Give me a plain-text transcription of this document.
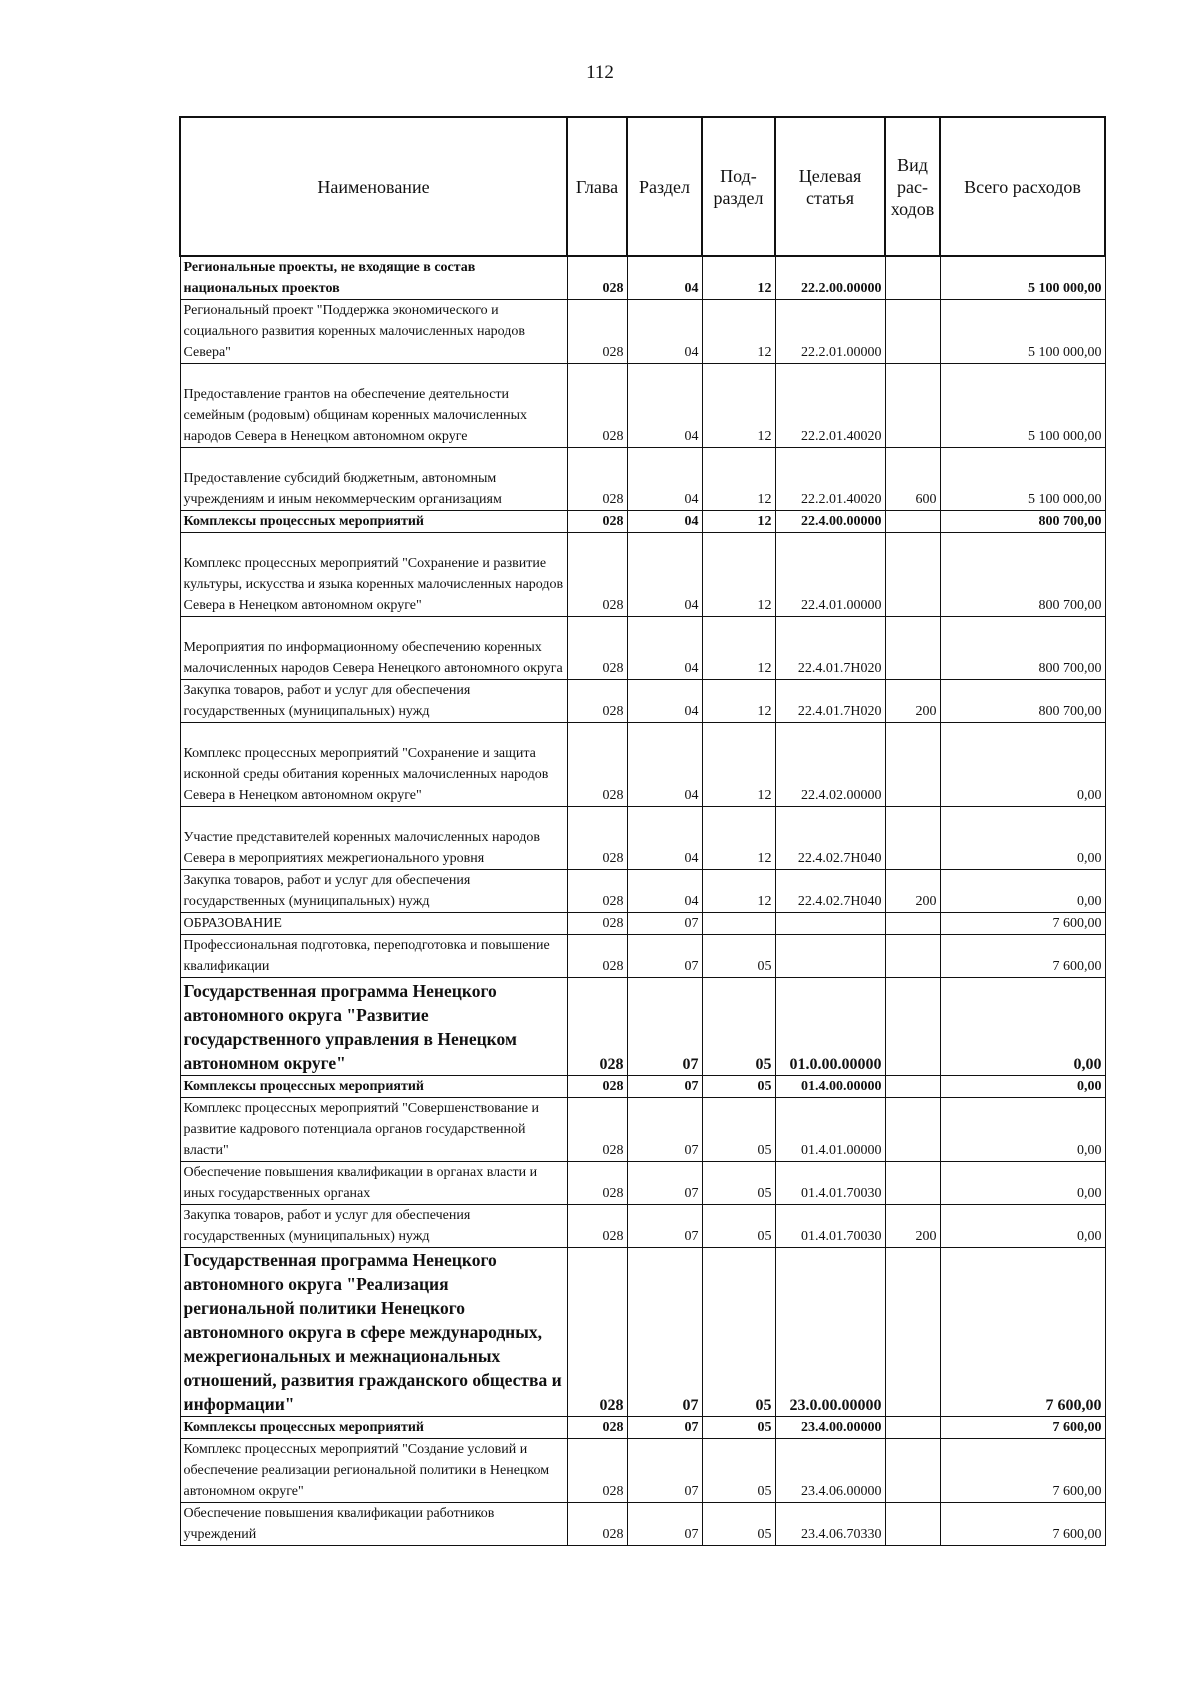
112
Наименование	Глава	Раздел	Под-раздел	Целевая статья	Вид рас-ходов	Всего расходов
Региональные проекты, не входящие в состав национальных проектов	028	04	12	22.2.00.00000		5 100 000,00
Региональный проект "Поддержка экономического и социального развития коренных малочисленных народов Севера"	028	04	12	22.2.01.00000		5 100 000,00
Предоставление грантов на обеспечение деятельности семейным (родовым) общинам коренных малочисленных народов Севера в Ненецком автономном округе	028	04	12	22.2.01.40020		5 100 000,00
Предоставление субсидий бюджетным, автономным учреждениям и иным некоммерческим организациям	028	04	12	22.2.01.40020	600	5 100 000,00
Комплексы процессных мероприятий	028	04	12	22.4.00.00000		800 700,00
Комплекс процессных мероприятий "Сохранение и развитие культуры, искусства и языка коренных малочисленных народов Севера в Ненецком автономном округе"	028	04	12	22.4.01.00000		800 700,00
Мероприятия по информационному обеспечению коренных малочисленных народов Севера Ненецкого автономного округа	028	04	12	22.4.01.7Н020		800 700,00
Закупка товаров, работ и услуг для обеспечения государственных (муниципальных) нужд	028	04	12	22.4.01.7Н020	200	800 700,00
Комплекс процессных мероприятий "Сохранение и защита исконной среды обитания коренных малочисленных народов Севера в Ненецком автономном округе"	028	04	12	22.4.02.00000		0,00
Участие представителей коренных малочисленных народов Севера в мероприятиях межрегионального уровня	028	04	12	22.4.02.7Н040		0,00
Закупка товаров, работ и услуг для обеспечения государственных (муниципальных) нужд	028	04	12	22.4.02.7Н040	200	0,00
ОБРАЗОВАНИЕ	028	07				7 600,00
Профессиональная подготовка, переподготовка и повышение квалификации	028	07	05			7 600,00
Государственная программа Ненецкого автономного округа "Развитие государственного управления в Ненецком автономном округе"	028	07	05	01.0.00.00000		0,00
Комплексы процессных мероприятий	028	07	05	01.4.00.00000		0,00
Комплекс процессных мероприятий "Совершенствование и развитие кадрового потенциала органов государственной власти"	028	07	05	01.4.01.00000		0,00
Обеспечение повышения квалификации в органах власти и иных государственных органах	028	07	05	01.4.01.70030		0,00
Закупка товаров, работ и услуг для обеспечения государственных (муниципальных) нужд	028	07	05	01.4.01.70030	200	0,00
Государственная программа Ненецкого автономного округа "Реализация региональной политики Ненецкого автономного округа в сфере международных, межрегиональных и межнациональных отношений, развития гражданского общества и информации"	028	07	05	23.0.00.00000		7 600,00
Комплексы процессных мероприятий	028	07	05	23.4.00.00000		7 600,00
Комплекс процессных мероприятий "Создание условий и обеспечение реализации региональной политики в Ненецком автономном округе"	028	07	05	23.4.06.00000		7 600,00
Обеспечение повышения квалификации работников учреждений	028	07	05	23.4.06.70330		7 600,00
